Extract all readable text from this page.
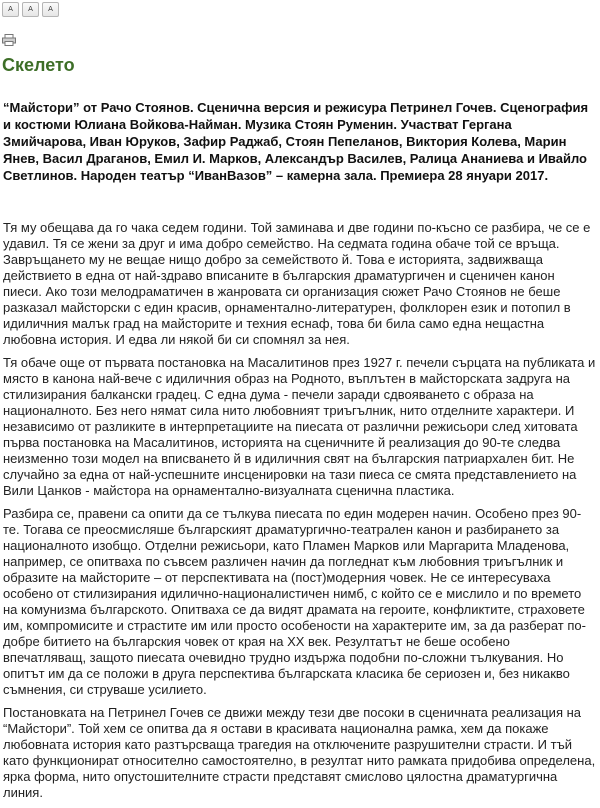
A	A	A
Скелето

“Майстори” от Рачо Стоянов. Сценична версия и режисура Петринел Гочев. Сценография и костюми Юлиана Войкова-Найман. Музика Стоян Руменин. Участват Гергана Змийчарова, Иван Юруков, Зафир Раджаб, Стоян Пепеланов, Виктория Колева, Марин Янев, Васил Драганов, Емил И. Марков, Александър Василев, Ралица Ананиева и Ивайло Светлинов. Народен театър “ИванВазов” – камерна зала. Премиера 28 януари 2017.

Тя му обещава да го чака седем години. Той заминава и две години по-късно се разбира, че се е удавил. Тя се жени за друг и има добро семейство. На седмата година обаче той се връща. Завръщането му не вещае нищо добро за семейството й. Това е историята, задвижваща действието в една от най-здраво вписаните в българския драматургичен и сценичен канон пиеси. Ако този мелодраматичен в жанровата си организация сюжет Рачо Стоянов не беше разказал майсторски с един красив, орнаментално-литературен, фолклорен език и потопил в идиличния малък град на майсторите и техния еснаф, това би била само една нещастна любовна история. И едва ли някой би си спомнял за нея.

Тя обаче още от първата постановка на Масалитинов през 1927 г. печели сърцата на публиката и място в канона най-вече с идиличния образ на Родното, въплътен в майсторската задруга на стилизирания балкански градец. С една дума - печели заради сдвояването с образа на националното. Без него нямат сила нито любовният триъгълник, нито отделните характери. И независимо от разликите в интерпретациите на пиесата от различни режисьори след хитовата първа постановка на Масалитинов, историята на сценичните й реализация до 90-те следва неизменно този модел на вписването й в идиличния свят на българския патриархален бит. Не случайно за една от най-успешните инсценировки на тази пиеса се смята представлението на Вили Цанков - майстора на орнаментално-визуалната сценична пластика.

Разбира се, правени са опити да се тълкува пиесата по един модерен начин. Особено през 90-те. Тогава се преосмисляше българският драматургично-театрален канон и разбирането за националното изобщо. Отделни режисьори, като Пламен Марков или Маргарита Младенова, например, се опитваха по съвсем различен начин да погледнат към любовния триъгълник и образите на майсторите – от перспективата на (пост)модерния човек. Не се интересуваха особено от стилизирания идилично-националистичен нимб, с който се е мислило и по времето на комунизма българското. Опитваха се да видят драмата на героите, конфликтите, страховете им, компромисите и страстите им или просто особености на характерите им, за да разберат по-добре битието на българския човек от края на ХХ век. Резултатът не беше особено впечатляващ, защото пиесата очевидно трудно издържа подобни по-сложни тълкувания. Но опитът им да се положи в друга перспектива българската класика бе сериозен и, без никакво съмнения, си струваше усилието.

Постановката на Петринел Гочев се движи между тези две посоки в сценичната реализация на “Майстори”. Той хем се опитва да я остави в красивата национална рамка, хем да покаже любовната история като разтърсваща трагедия на отключените разрушителни страсти. И тъй като функционират относително самостоятелно, в резултат нито рамката придобива определена, ярка форма, нито опустошителните страсти представят смислово цялостна драматургична линия.
